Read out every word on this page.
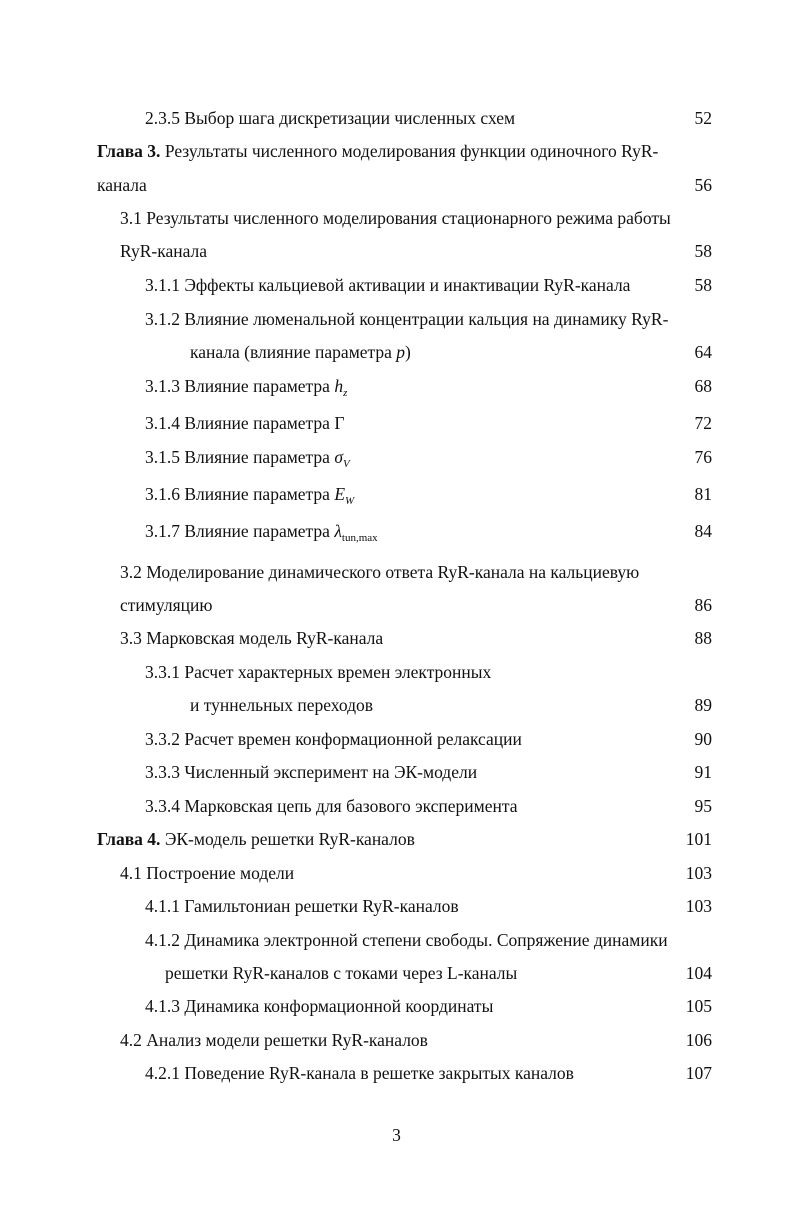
2.3.5 Выбор шага дискретизации численных схем	52
Глава 3. Результаты численного моделирования функции одиночного RyR-
канала	56
3.1 Результаты численного моделирования стационарного режима работы
RyR-канала	58
3.1.1 Эффекты кальциевой активации и инактивации RyR-канала	58
3.1.2 Влияние люменальной концентрации кальция на динамику RyR-
канала (влияние параметра p)	64
3.1.3 Влияние параметра $h_z$	68
3.1.4 Влияние параметра Γ	72
3.1.5 Влияние параметра $\sigma_V$	76
3.1.6 Влияние параметра $E_W$	81
3.1.7 Влияние параметра $\lambda_{tun,max}$	84
3.2 Моделирование динамического ответа RyR-канала на кальциевую
стимуляцию	86
3.3 Марковская модель RyR-канала	88
3.3.1 Расчет характерных времен электронных
и туннельных переходов	89
3.3.2 Расчет времен конформационной релаксации	90
3.3.3 Численный эксперимент на ЭК-модели	91
3.3.4 Марковская цепь для базового эксперимента	95
Глава 4. ЭК-модель решетки RyR-каналов	101
4.1 Построение модели	103
4.1.1 Гамильтониан решетки RyR-каналов	103
4.1.2 Динамика электронной степени свободы. Сопряжение динамики
решетки RyR-каналов с токами через L-каналы	104
4.1.3 Динамика конформационной координаты	105
4.2 Анализ модели решетки RyR-каналов	106
4.2.1 Поведение RyR-канала в решетке закрытых каналов	107
3
